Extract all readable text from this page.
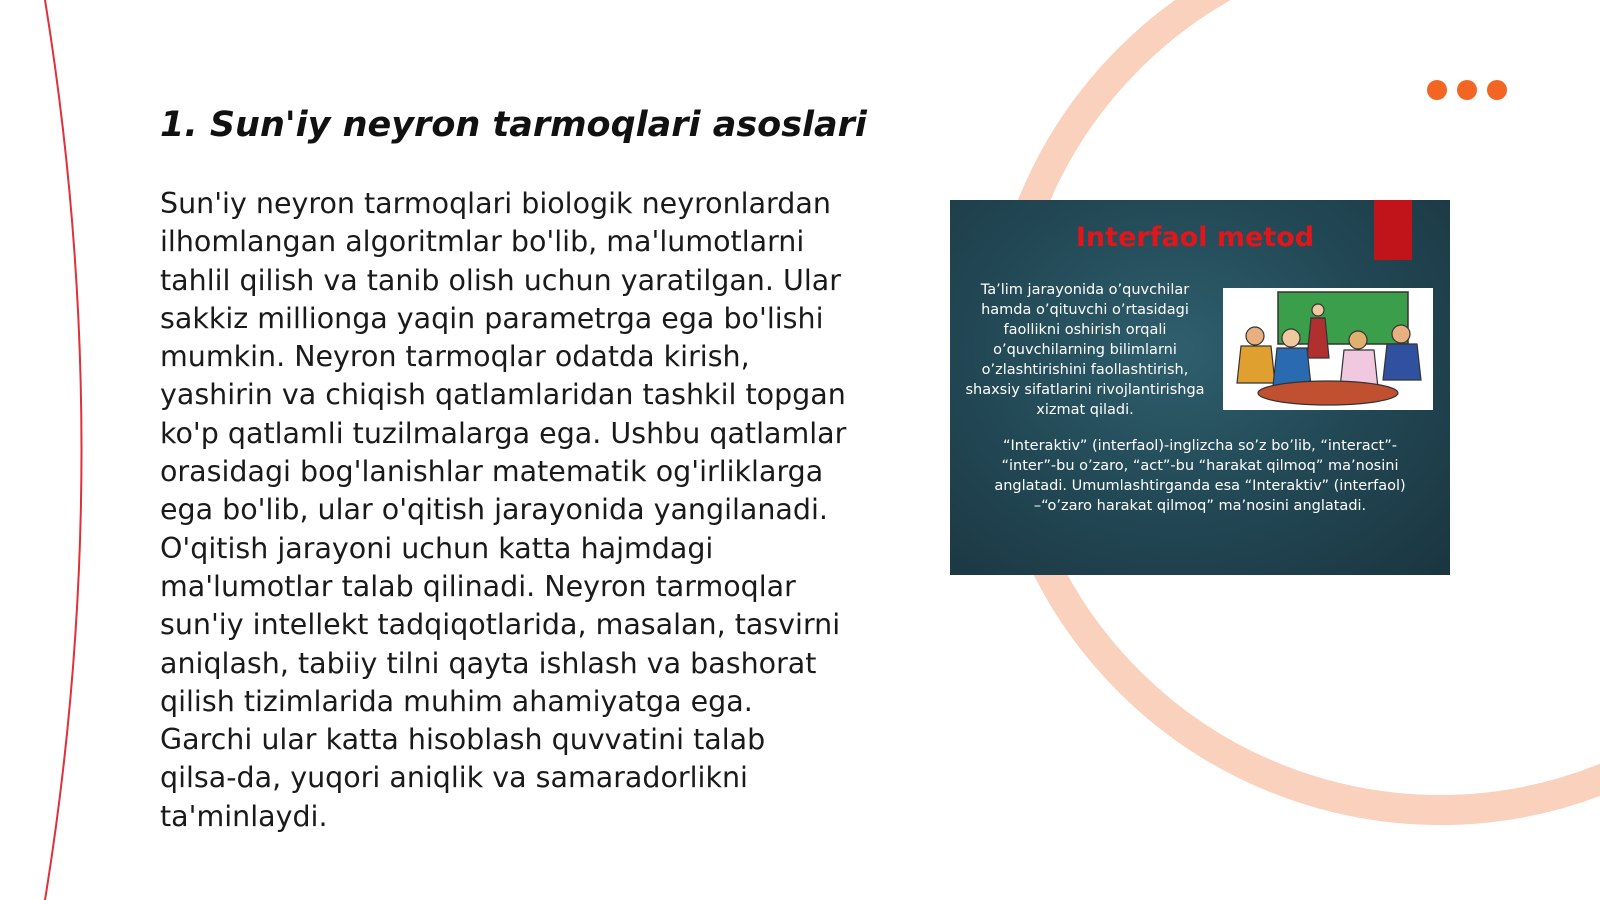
1. Sun'iy neyron tarmoqlari asoslari

Sun'iy neyron tarmoqlari biologik neyronlardan ilhomlangan algoritmlar bo'lib, ma'lumotlarni tahlil qilish va tanib olish uchun yaratilgan. Ular sakkiz millionga yaqin parametrga ega bo'lishi mumkin. Neyron tarmoqlar odatda kirish, yashirin va chiqish qatlamlaridan tashkil topgan ko'p qatlamli tuzilmalarga ega. Ushbu qatlamlar orasidagi bog'lanishlar matematik og'irliklarga ega bo'lib, ular o'qitish jarayonida yangilanadi. O'qitish jarayoni uchun katta hajmdagi ma'lumotlar talab qilinadi. Neyron tarmoqlar sun'iy intellekt tadqiqotlarida, masalan, tasvirni aniqlash, tabiiy tilni qayta ishlash va bashorat qilish tizimlarida muhim ahamiyatga ega. Garchi ular katta hisoblash quvvatini talab qilsa-da, yuqori aniqlik va samaradorlikni ta'minlaydi.

Interfaol metod
Ta’lim jarayonida o’quvchilar hamda o’qituvchi o’rtasidagi faollikni oshirish orqali o’quvchilarning bilimlarni o’zlashtirishini faollashtirish, shaxsiy sifatlarini rivojlantirishga xizmat qiladi.
“Interaktiv” (interfaol)-inglizcha so’z bo’lib, “interact”- “inter”-bu o’zaro, “act”-bu “harakat qilmoq” ma’nosini anglatadi. Umumlashtirganda esa “Interaktiv” (interfaol) –“o’zaro harakat qilmoq” ma’nosini anglatadi.
